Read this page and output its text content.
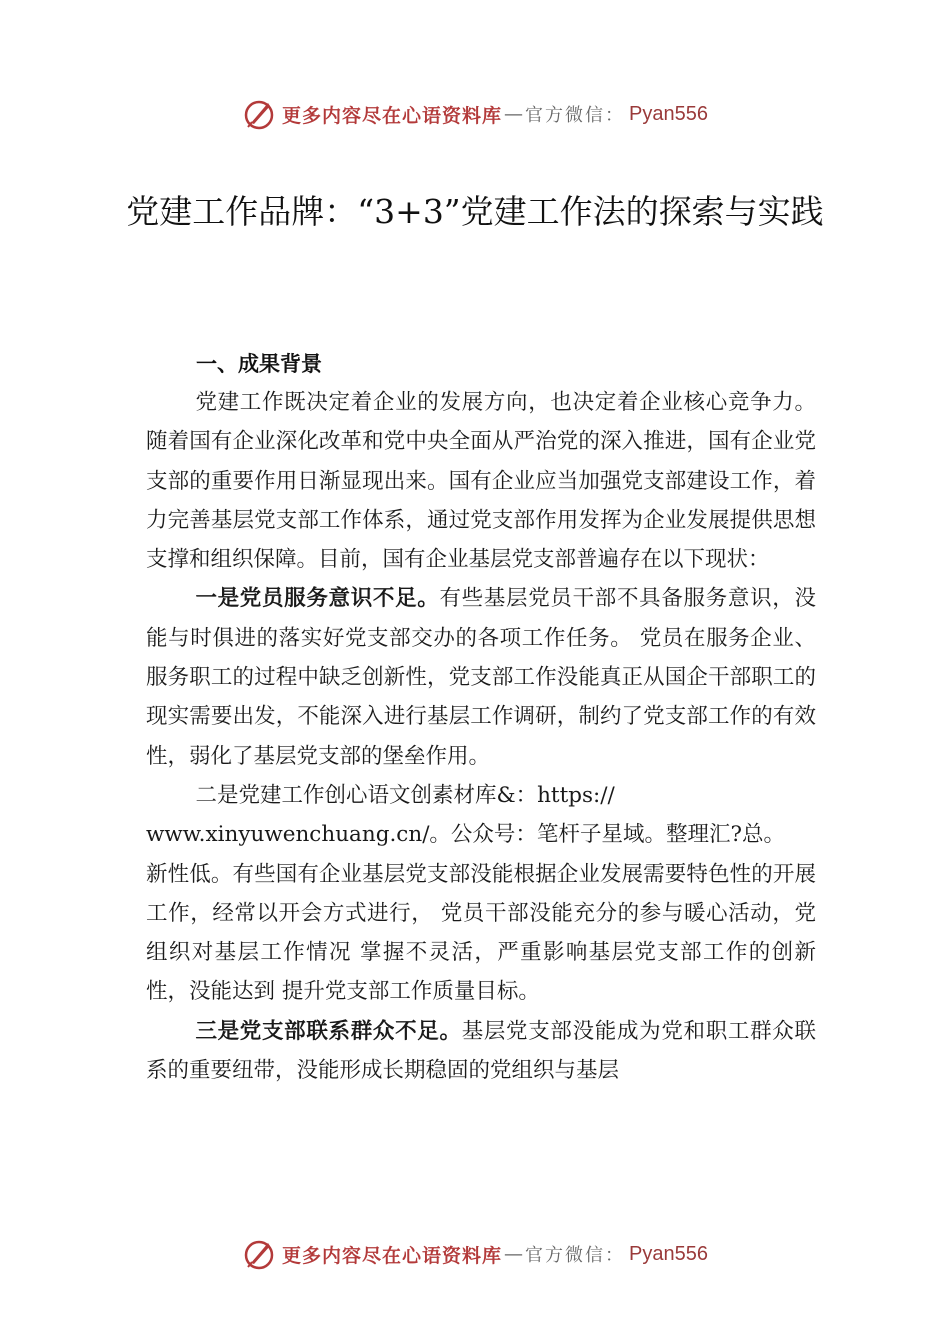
更多内容尽在心语资料库 — 官方微信： Pyan556
党建工作品牌：“3+3”党建工作法的探索与实践
一、成果背景

党建工作既决定着企业的发展方向，也决定着企业核心竞争力。随着国有企业深化改革和党中央全面从严治党的深入推进，国有企业党支部的重要作用日渐显现出来。国有企业应当加强党支部建设工作，着力完善基层党支部工作体系，通过党支部作用发挥为企业发展提供思想支撑和组织保障。目前，国有企业基层党支部普遍存在以下现状：

一是党员服务意识不足。有些基层党员干部不具备服务意识，没能与时俱进的落实好党支部交办的各项工作任务。 党员在服务企业、服务职工的过程中缺乏创新性，党支部工作没能真正从国企干部职工的现实需要出发，不能深入进行基层工作调研，制约了党支部工作的有效性，弱化了基层党支部的堡垒作用。

二是党建工作创心语文创素材库&：https://

www.xinyuwenchuang.cn/。公众号：笔杆子星域。整理汇?总。

新性低。有些国有企业基层党支部没能根据企业发展需要特色性的开展工作，经常以开会方式进行， 党员干部没能充分的参与暖心活动，党组织对基层工作情况 掌握不灵活，严重影响基层党支部工作的创新性，没能达到 提升党支部工作质量目标。

三是党支部联系群众不足。基层党支部没能成为党和职工群众联系的重要纽带，没能形成长期稳固的党组织与基层

更多内容尽在心语资料库 — 官方微信： Pyan556
